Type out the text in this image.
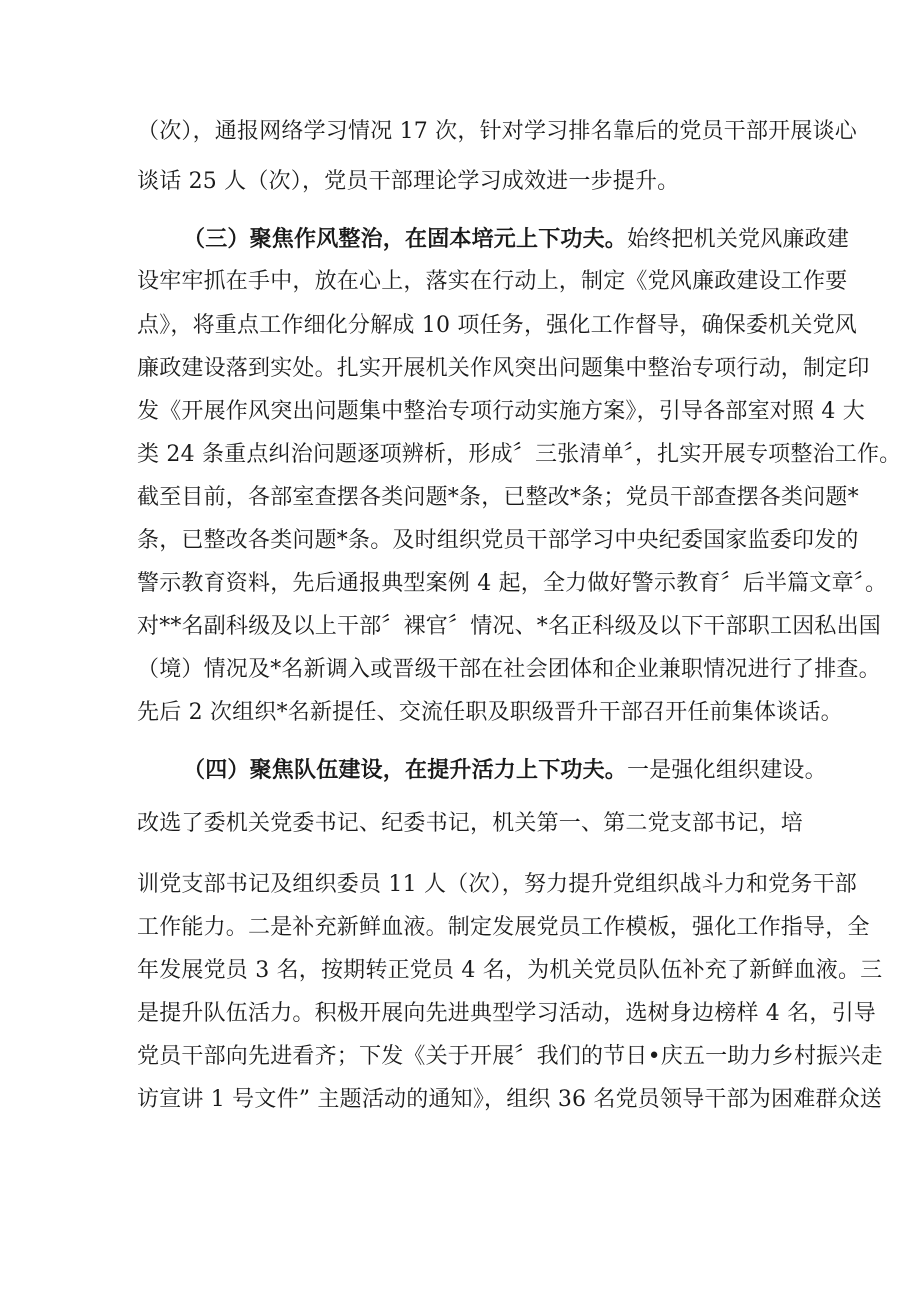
（次），通报网络学习情况 17 次，针对学习排名靠后的党员干部开展谈心
谈话 25 人（次），党员干部理论学习成效进一步提升。
（三）聚焦作风整治，在固本培元上下功夫。始终把机关党风廉政建
设牢牢抓在手中，放在心上，落实在行动上，制定《党风廉政建设工作要
点》，将重点工作细化分解成 10 项任务，强化工作督导，确保委机关党风
廉政建设落到实处。扎实开展机关作风突出问题集中整治专项行动，制定印
发《开展作风突出问题集中整治专项行动实施方案》，引导各部室对照 4 大
类 24 条重点纠治问题逐项辨析，形成〞三张清单〞，扎实开展专项整治工作。
截至目前，各部室查摆各类问题*条，已整改*条；党员干部查摆各类问题*
条，已整改各类问题*条。及时组织党员干部学习中央纪委国家监委印发的
警示教育资料，先后通报典型案例 4 起，全力做好警示教育〞后半篇文章〞。
对**名副科级及以上干部〞裸官〞情况、*名正科级及以下干部职工因私出国
（境）情况及*名新调入或晋级干部在社会团体和企业兼职情况进行了排查。
先后 2 次组织*名新提任、交流任职及职级晋升干部召开任前集体谈话。
（四）聚焦队伍建设，在提升活力上下功夫。一是强化组织建设。
改选了委机关党委书记、纪委书记，机关第一、第二党支部书记，培
训党支部书记及组织委员 11 人（次），努力提升党组织战斗力和党务干部
工作能力。二是补充新鲜血液。制定发展党员工作模板，强化工作指导，全
年发展党员 3 名，按期转正党员 4 名，为机关党员队伍补充了新鲜血液。三
是提升队伍活力。积极开展向先进典型学习活动，选树身边榜样 4 名，引导
党员干部向先进看齐；下发《关于开展〞我们的节日•庆五一助力乡村振兴走
访宣讲 1 号文件” 主题活动的通知》，组织 36 名党员领导干部为困难群众送
